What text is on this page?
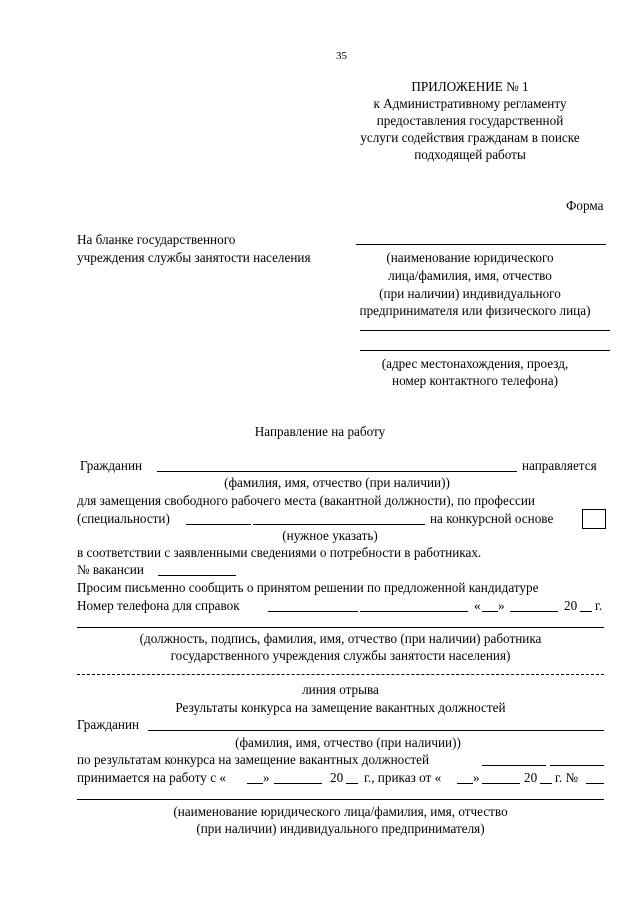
35
ПРИЛОЖЕНИЕ № 1
к Административному регламенту
предоставления государственной
услуги содействия гражданам в поиске
подходящей работы
Форма
На бланке государственного
учреждения службы занятости населения	(наименование юридического
лица/фамилия, имя, отчество
(при наличии) индивидуального
предпринимателя или физического лица)
(адрес местонахождения, проезд,
номер контактного телефона)
Направление на работу
Гражданин	направляется
(фамилия, имя, отчество (при наличии))
для замещения свободного рабочего места (вакантной должности), по профессии
(специальности)	на конкурсной основе
(нужное указать)
в соответствии с заявленными сведениями о потребности в работниках.
№ вакансии
Просим письменно сообщить о принятом решении по предложенной кандидатуре
Номер телефона для справок	« »	20 г.
(должность, подпись, фамилия, имя, отчество (при наличии) работника
государственного учреждения службы занятости населения)
линия отрыва
Результаты конкурса на замещение вакантных должностей
Гражданин
(фамилия, имя, отчество (при наличии))
по результатам конкурса на замещение вакантных должностей
принимается на работу с «	»	20 г., приказ от « »	20 г. №
(наименование юридического лица/фамилия, имя, отчество
(при наличии) индивидуального предпринимателя)
